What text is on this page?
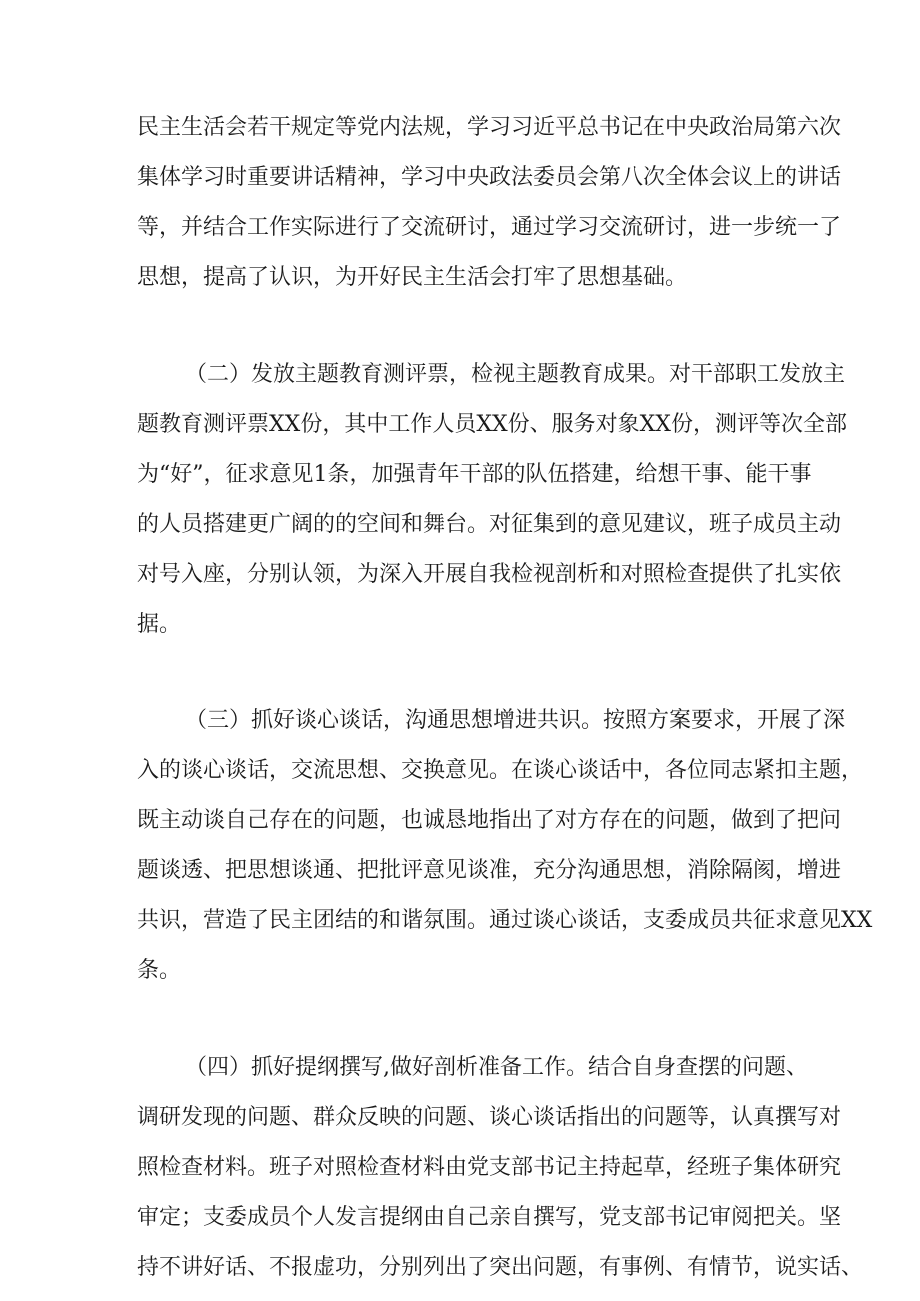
民主生活会若干规定等党内法规，学习习近平总书记在中央政治局第六次
集体学习时重要讲话精神，学习中央政法委员会第八次全体会议上的讲话
等，并结合工作实际进行了交流研讨，通过学习交流研讨，进一步统一了
思想，提高了认识，为开好民主生活会打牢了思想基础。
（二）发放主题教育测评票，检视主题教育成果。对干部职工发放主
题教育测评票XX份，其中工作人员XX份、服务对象XX份，测评等次全部
为“好”，征求意见1条，加强青年干部的队伍搭建，给想干事、能干事
的人员搭建更广阔的的空间和舞台。对征集到的意见建议，班子成员主动
对号入座，分别认领，为深入开展自我检视剖析和对照检查提供了扎实依
据。
（三）抓好谈心谈话，沟通思想增进共识。按照方案要求，开展了深
入的谈心谈话，交流思想、交换意见。在谈心谈话中，各位同志紧扣主题，
既主动谈自己存在的问题，也诚恳地指出了对方存在的问题，做到了把问
题谈透、把思想谈通、把批评意见谈准，充分沟通思想，消除隔阂，增进
共识，营造了民主团结的和谐氛围。通过谈心谈话，支委成员共征求意见XX
条。
（四）抓好提纲撰写,做好剖析准备工作。结合自身查摆的问题、
调研发现的问题、群众反映的问题、谈心谈话指出的问题等，认真撰写对
照检查材料。班子对照检查材料由党支部书记主持起草，经班子集体研究
审定；支委成员个人发言提纲由自己亲自撰写，党支部书记审阅把关。坚
持不讲好话、不报虚功，分别列出了突出问题，有事例、有情节，说实话、
